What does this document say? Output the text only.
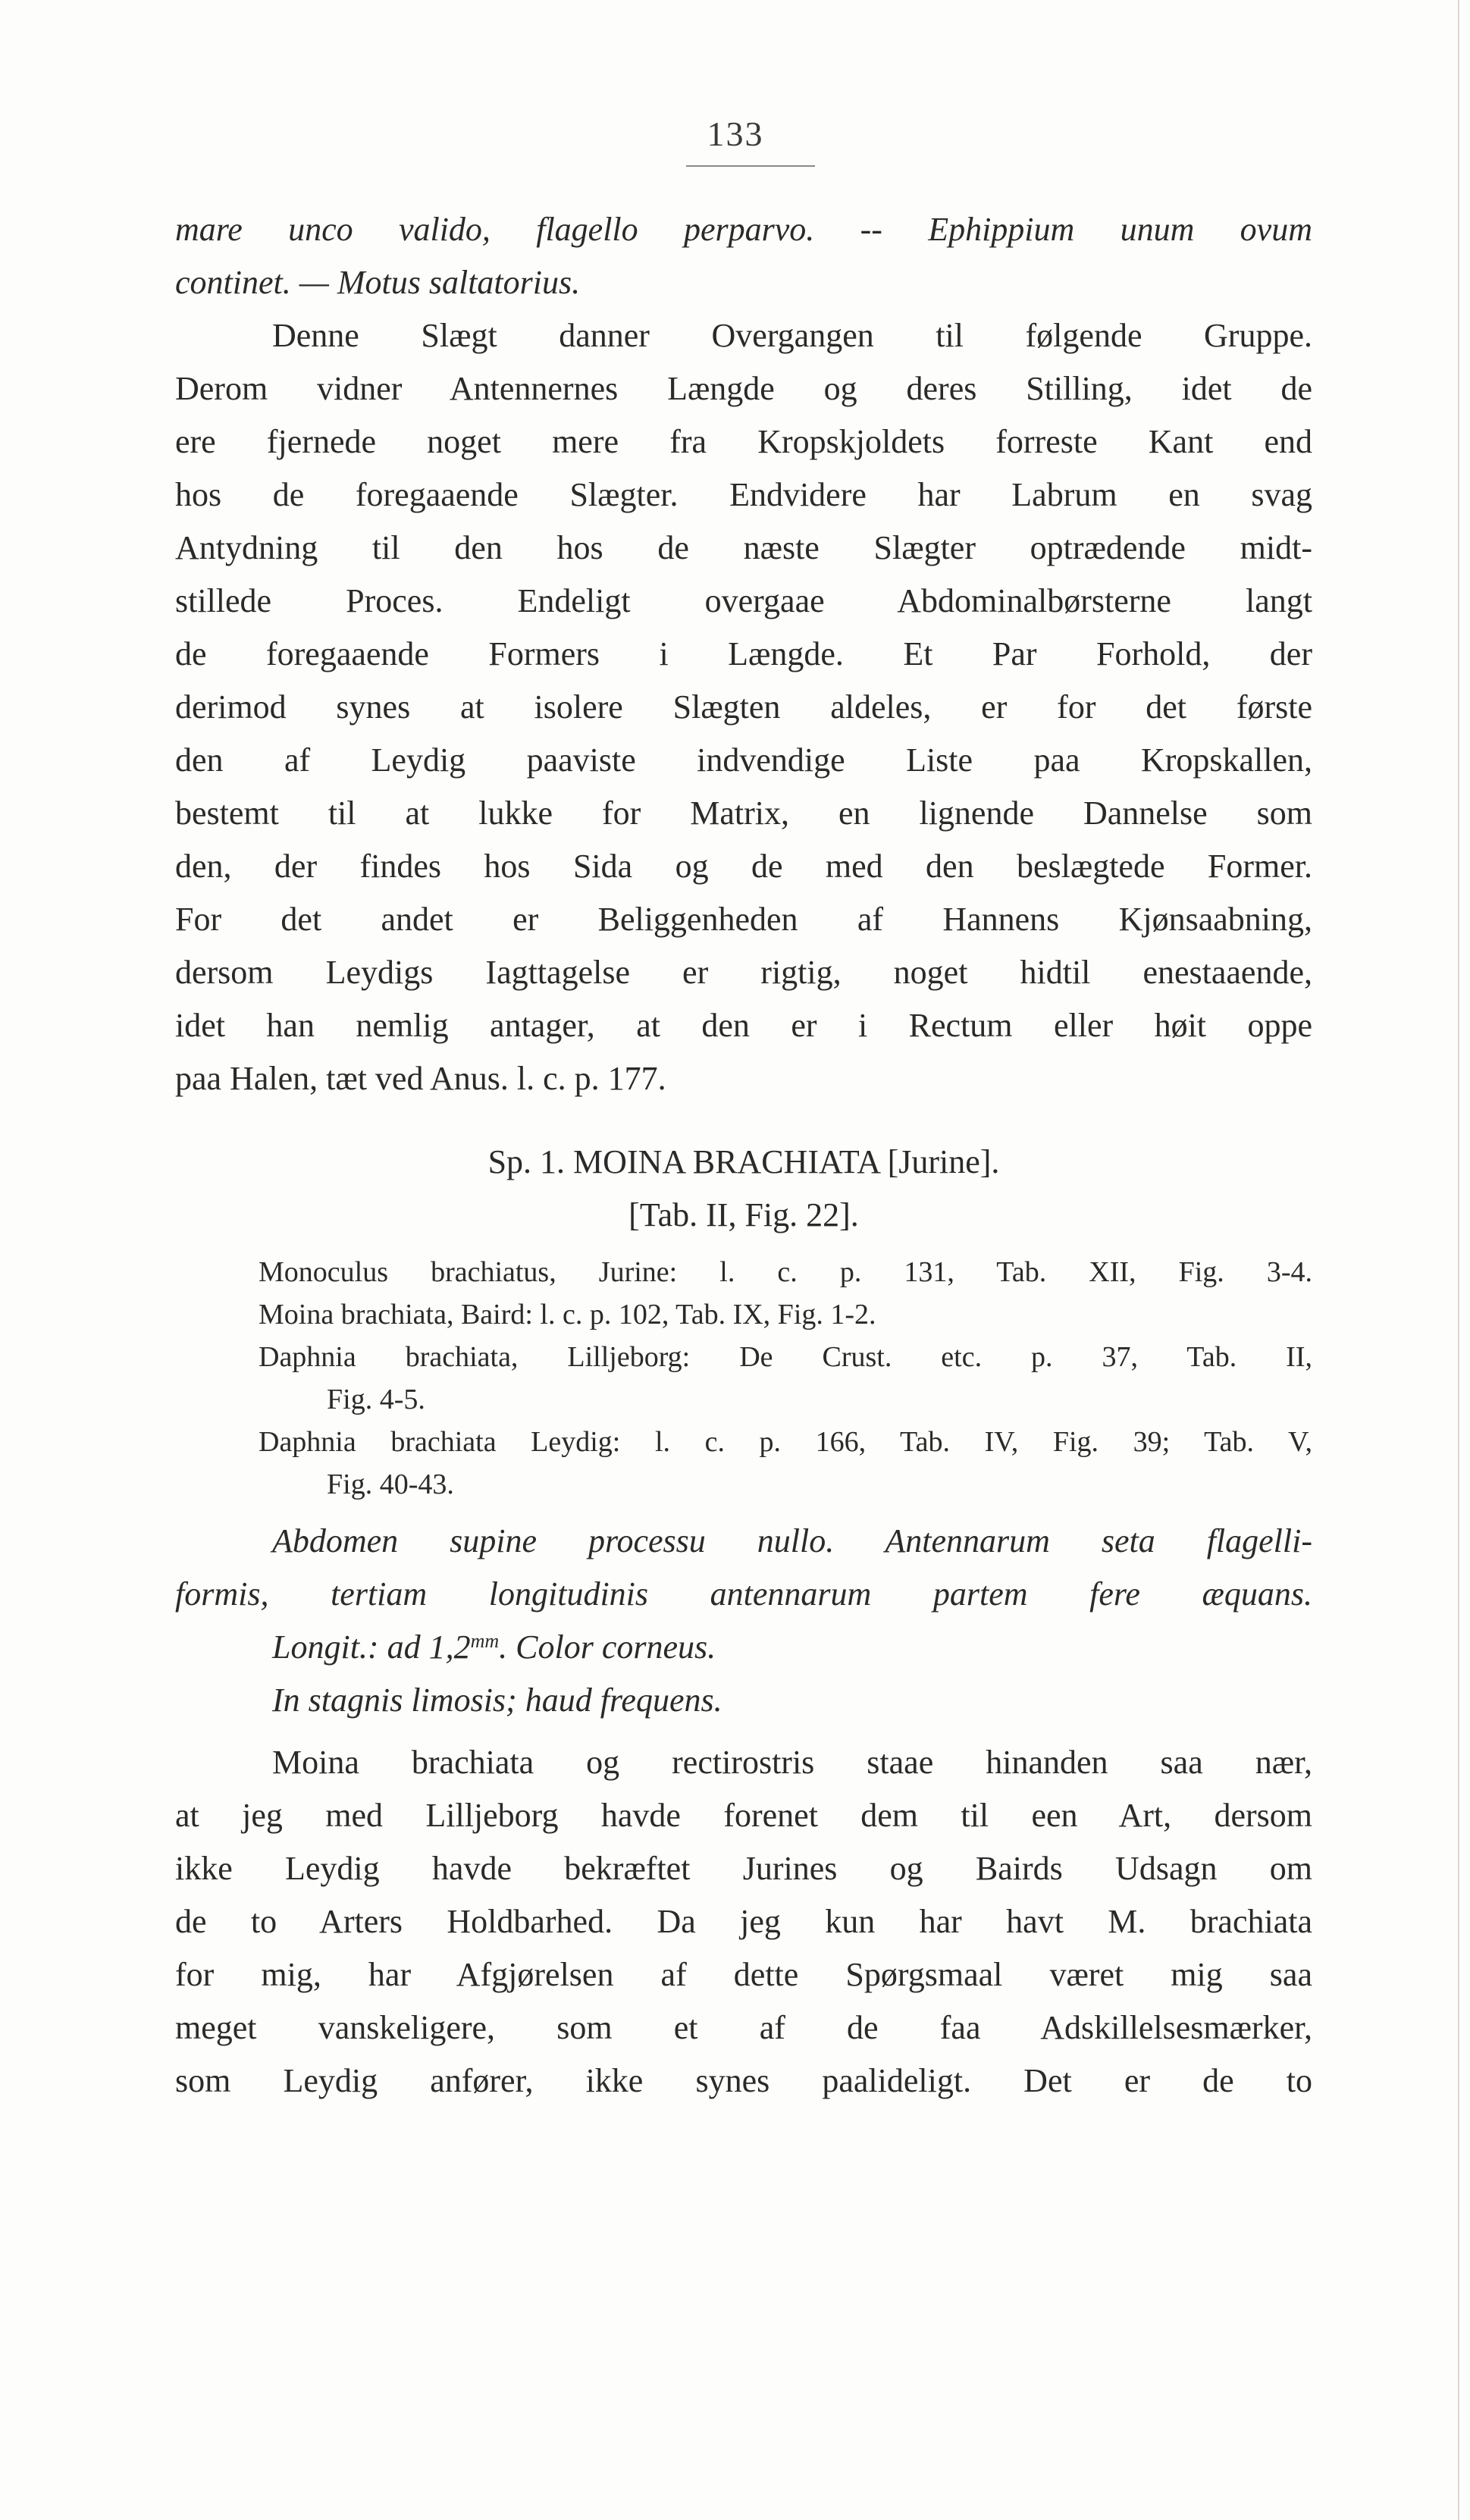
133
mare unco valido, flagello perparvo. -- Ephippium unum ovum
continet. — Motus saltatorius.
Denne Slægt danner Overgangen til følgende Gruppe.
Derom vidner Antennernes Længde og deres Stilling, idet de
ere fjernede noget mere fra Kropskjoldets forreste Kant end
hos de foregaaende Slægter. Endvidere har Labrum en svag
Antydning til den hos de næste Slægter optrædende midt-
stillede Proces. Endeligt overgaae Abdominalbørsterne langt
de foregaaende Formers i Længde. Et Par Forhold, der
derimod synes at isolere Slægten aldeles, er for det første
den af Leydig paaviste indvendige Liste paa Kropskallen,
bestemt til at lukke for Matrix, en lignende Dannelse som
den, der findes hos Sida og de med den beslægtede Former.
For det andet er Beliggenheden af Hannens Kjønsaabning,
dersom Leydigs Iagttagelse er rigtig, noget hidtil enestaaende,
idet han nemlig antager, at den er i Rectum eller høit oppe
paa Halen, tæt ved Anus. l. c. p. 177.
Sp. 1. MOINA BRACHIATA [Jurine].
[Tab. II, Fig. 22].
Monoculus brachiatus, Jurine: l. c. p. 131, Tab. XII, Fig. 3-4.
Moina brachiata, Baird: l. c. p. 102, Tab. IX, Fig. 1-2.
Daphnia brachiata, Lilljeborg: De Crust. etc. p. 37, Tab. II,
Fig. 4-5.
Daphnia brachiata Leydig: l. c. p. 166, Tab. IV, Fig. 39; Tab. V,
Fig. 40-43.
Abdomen supine processu nullo. Antennarum seta flagelli-
formis, tertiam longitudinis antennarum partem fere æquans.
Longit.: ad $1,2^{mm}$. Color corneus.
In stagnis limosis; haud frequens.
Moina brachiata og rectirostris staae hinanden saa nær,
at jeg med Lilljeborg havde forenet dem til een Art, dersom
ikke Leydig havde bekræftet Jurines og Bairds Udsagn om
de to Arters Holdbarhed. Da jeg kun har havt M. brachiata
for mig, har Afgjørelsen af dette Spørgsmaal været mig saa
meget vanskeligere, som et af de faa Adskillelsesmærker,
som Leydig anfører, ikke synes paalideligt. Det er de to
